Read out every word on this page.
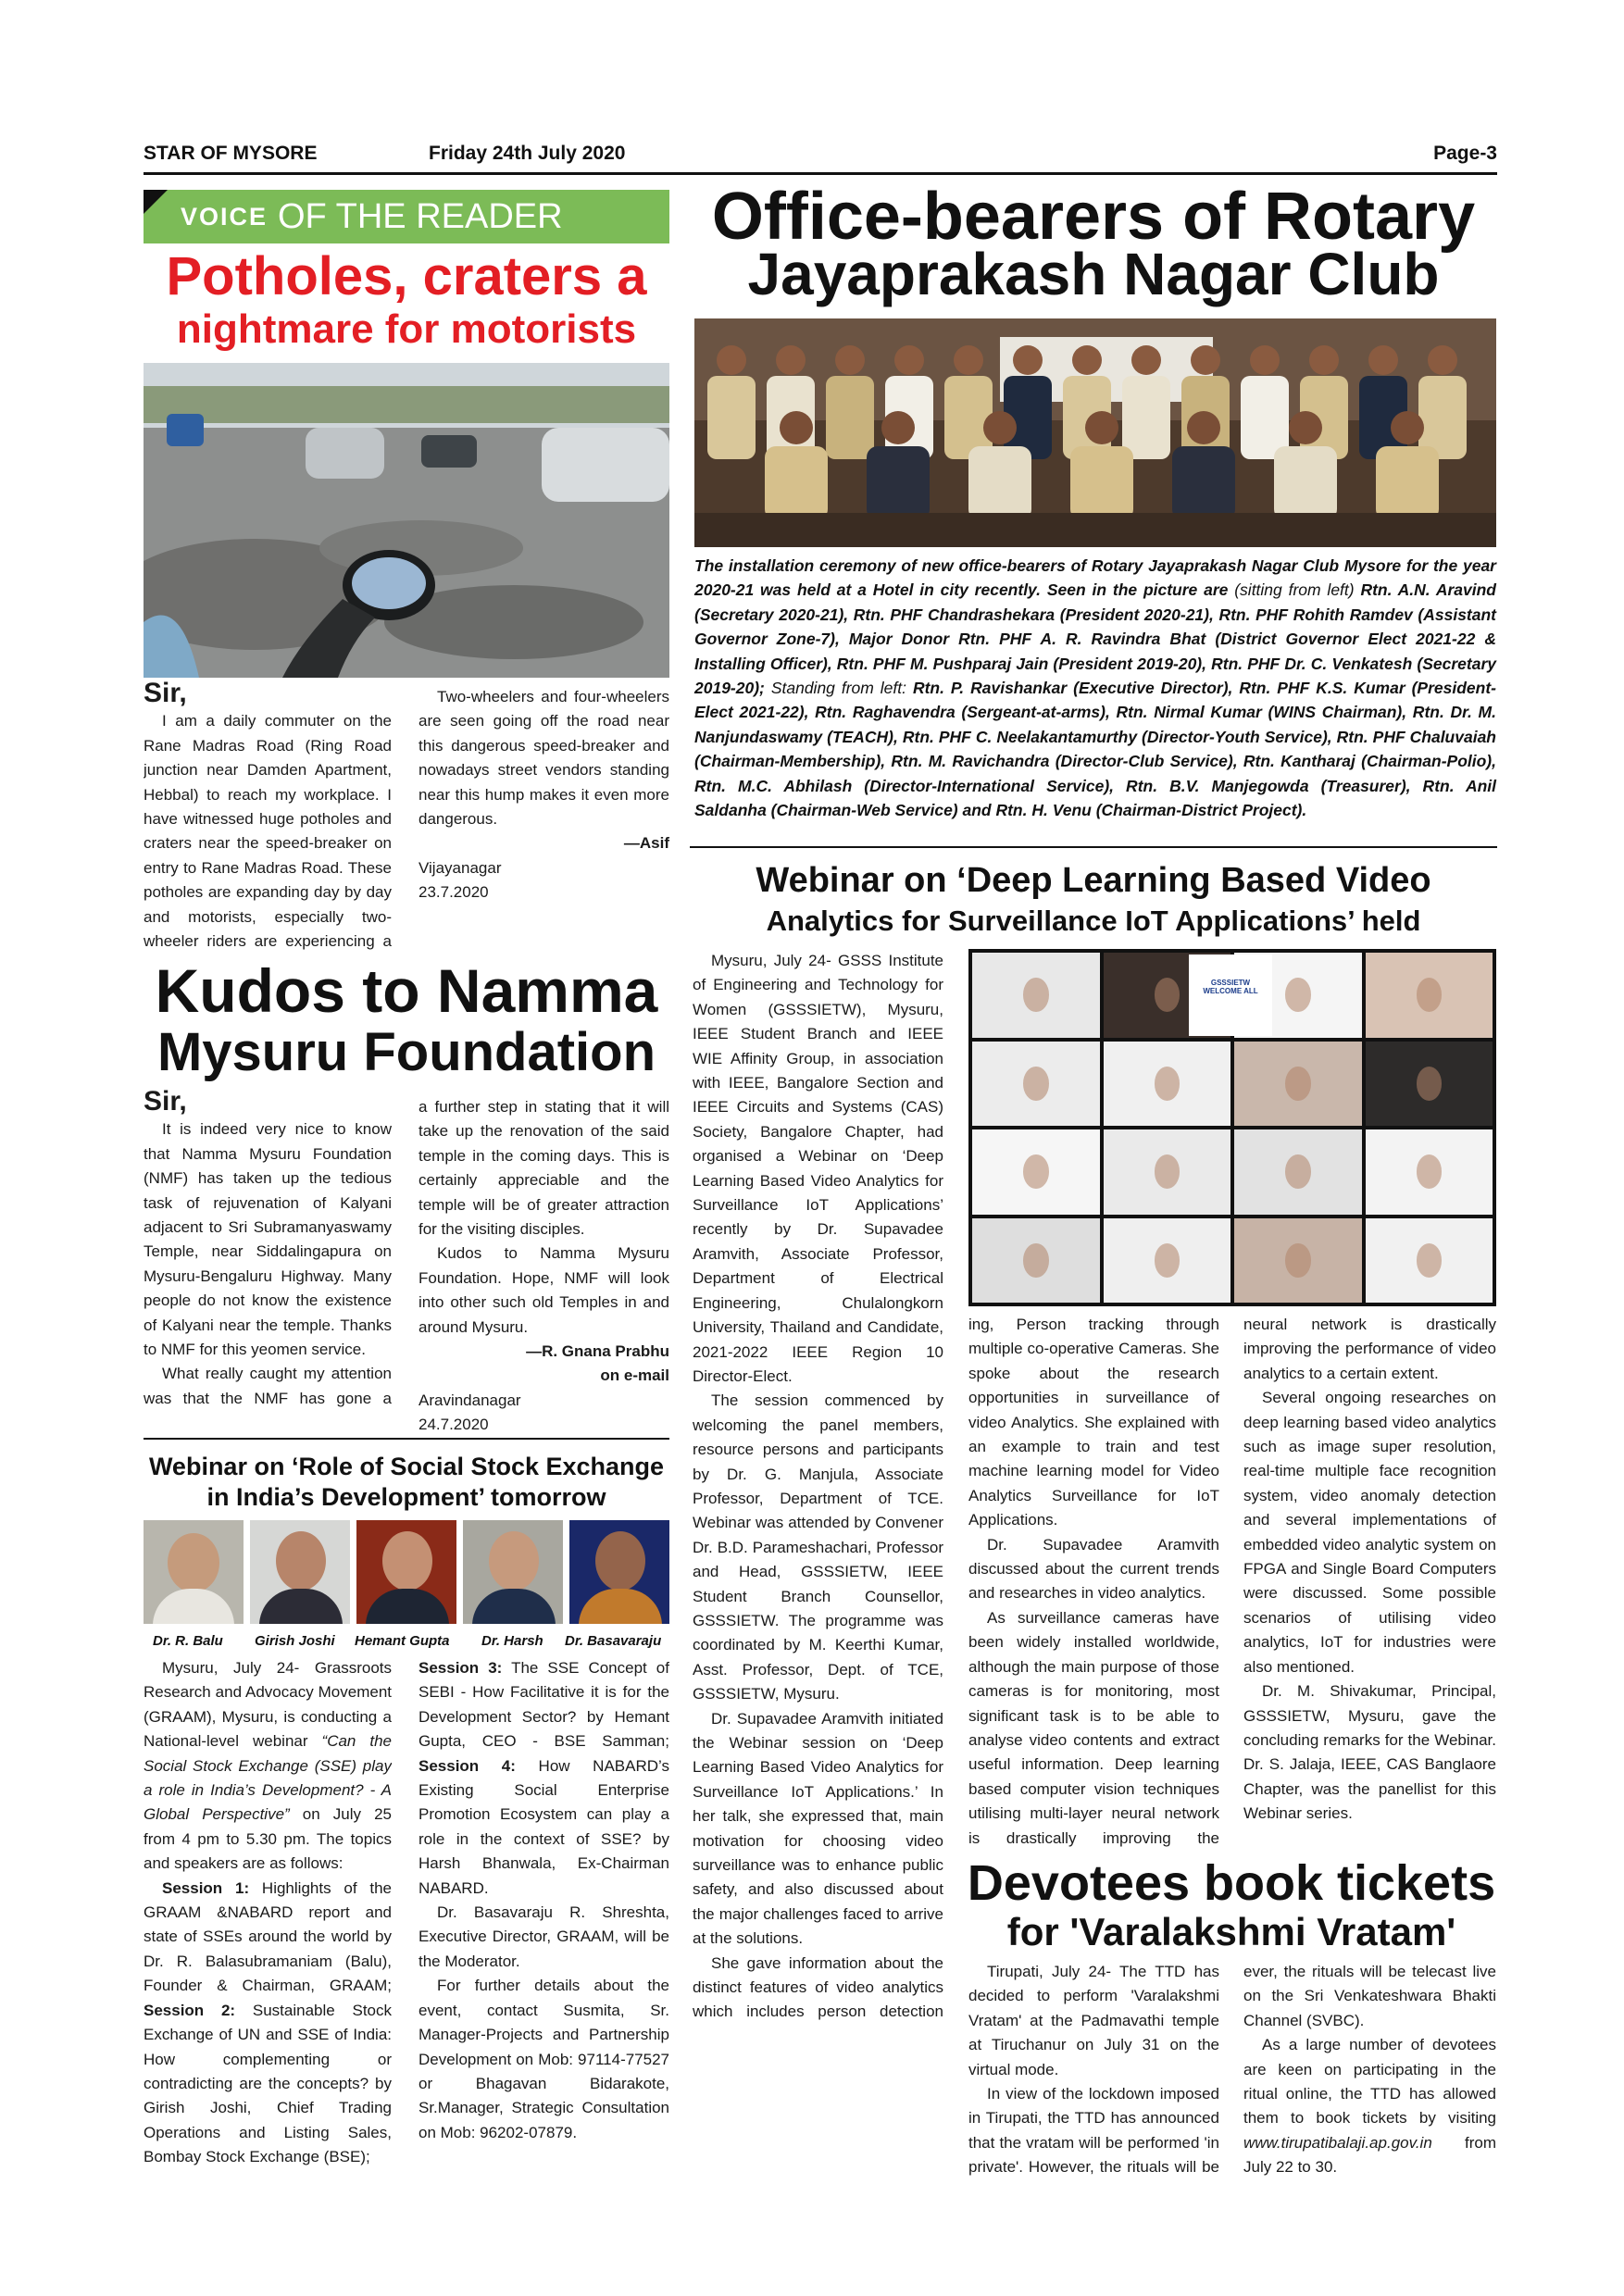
STAR OF MYSORE	Friday 24th July 2020	Page-3
VOICE OF THE READER
Potholes, craters a
nightmare for motorists
Sir,

I am a daily commuter on the Rane Madras Road (Ring Road junction near Damden Apartment, Hebbal) to reach my workplace. I have witnessed huge potholes and craters near the speed-breaker on entry to Rane Madras Road. These potholes are expanding day by day and motorists, especially two-wheeler riders are experiencing a

Two-wheelers and four-wheelers are seen going off the road near this dangerous speed-breaker and nowadays street vendors standing near this hump makes it even more dangerous.

—Asif
Vijayanagar
23.7.2020
Kudos to Namma
Mysuru Foundation
Sir,

It is indeed very nice to know that Namma Mysuru Foundation (NMF) has taken up the tedious task of rejuvenation of Kalyani adjacent to Sri Subramanyaswamy Temple, near Siddalingapura on Mysuru-Bengaluru Highway. Many people do not know the existence of Kalyani near the temple. Thanks to NMF for this yeomen service.

What really caught my attention was that the NMF has gone a

a further step in stating that it will take up the renovation of the said temple in the coming days. This is certainly appreciable and the temple will be of greater attraction for the visiting disciples.

Kudos to Namma Mysuru Foundation. Hope, NMF will look into other such old Temples in and around Mysuru.

—R. Gnana Prabhu
on e-mail
Aravindanagar
24.7.2020
Webinar on ‘Role of Social Stock Exchange
in India’s Development’ tomorrow
Dr. R. Balu Girish Joshi Hemant Gupta Dr. Harsh Dr. Basavaraju

Mysuru, July 24- Grassroots Research and Advocacy Movement (GRAAM), Mysuru, is conducting a National-level webinar “Can the Social Stock Exchange (SSE) play a role in India’s Development? - A Global Perspective” on July 25 from 4 pm to 5.30 pm. The topics and speakers are as follows:

Session 1: Highlights of the GRAAM &NABARD report and state of SSEs around the world by Dr. R. Balasubramaniam (Balu), Founder & Chairman, GRAAM; Session 2: Sustainable Stock Exchange of UN and SSE of India: How complementing or contradicting are the concepts? by Girish Joshi, Chief Trading Operations and Listing Sales, Bombay Stock Exchange (BSE);

Session 3: The SSE Concept of SEBI - How Facilitative it is for the Development Sector? by Hemant Gupta, CEO - BSE Samman; Session 4: How NABARD’s Existing Social Enterprise Promotion Ecosystem can play a role in the context of SSE? by Harsh Bhanwala, Ex-Chairman NABARD.

Dr. Basavaraju R. Shreshta, Executive Director, GRAAM, will be the Moderator.

For further details about the event, contact Susmita, Sr. Manager-Projects and Partnership Development on Mob: 97114-77527 or Bhagavan Bidarakote, Sr.Manager, Strategic Consultation on Mob: 96202-07879.

Office-bearers of Rotary
Jayaprakash Nagar Club
The installation ceremony of new office-bearers of Rotary Jayaprakash Nagar Club Mysore for the year 2020-21 was held at a Hotel in city recently. Seen in the picture are (sitting from left) Rtn. A.N. Aravind (Secretary 2020-21), Rtn. PHF Chandrashekara (President 2020-21), Rtn. PHF Rohith Ramdev (Assistant Governor Zone-7), Major Donor Rtn. PHF A. R. Ravindra Bhat (District Governor Elect 2021-22 & Installing Officer), Rtn. PHF M. Pushparaj Jain (President 2019-20), Rtn. PHF Dr. C. Venkatesh (Secretary 2019-20); Standing from left: Rtn. P. Ravishankar (Executive Director), Rtn. PHF K.S. Kumar (President-Elect 2021-22), Rtn. Raghavendra (Sergeant-at-arms), Rtn. Nirmal Kumar (WINS Chairman), Rtn. Dr. M. Nanjundaswamy (TEACH), Rtn. PHF C. Neelakantamurthy (Director-Youth Service), Rtn. PHF Chaluvaiah (Chairman-Membership), Rtn. M. Ravichandra (Director-Club Service), Rtn. Kantharaj (Chairman-Polio), Rtn. M.C. Abhilash (Director-International Service), Rtn. B.V. Manjegowda (Treasurer), Rtn. Anil Saldanha (Chairman-Web Service) and Rtn. H. Venu (Chairman-District Project).
Webinar on ‘Deep Learning Based Video
Analytics for Surveillance IoT Applications’ held
GSSSIETW WELCOME ALL

Mysuru, July 24- GSSS Institute of Engineering and Technology for Women (GSSSIETW), Mysuru, IEEE Student Branch and IEEE WIE Affinity Group, in association with IEEE, Bangalore Section and IEEE Circuits and Systems (CAS) Society, Bangalore Chapter, had organised a Webinar on ‘Deep Learning Based Video Analytics for Surveillance IoT Applications’ recently by Dr. Supavadee Aramvith, Associate Professor, Department of Electrical Engineering, Chulalongkorn University, Thailand and Candidate, 2021-2022 IEEE Region 10 Director-Elect.

The session commenced by welcoming the panel members, resource persons and participants by Dr. G. Manjula, Associate Professor, Department of TCE. Webinar was attended by Convener Dr. B.D. Parameshachari, Professor and Head, GSSSIETW, IEEE Student Branch Counsellor, GSSSIETW. The programme was coordinated by M. Keerthi Kumar, Asst. Professor, Dept. of TCE, GSSSIETW, Mysuru.

Dr. Supavadee Aramvith initiated the Webinar session on ‘Deep Learning Based Video Analytics for Surveillance IoT Applications.’ In her talk, she expressed that, main motivation for choosing video surveillance was to enhance public safety, and also discussed about the major challenges faced to arrive at the solutions.

She gave information about the distinct features of video analytics which includes person detection

ing, Person tracking through multiple co-operative Cameras. She spoke about the research opportunities in surveillance of video Analytics. She explained with an example to train and test machine learning model for Video Analytics Surveillance for IoT Applications.

Dr. Supavadee Aramvith discussed about the current trends and researches in video analytics.

As surveillance cameras have been widely installed worldwide, although the main purpose of those cameras is for monitoring, most significant task is to be able to analyse video contents and extract useful information. Deep learning based computer vision techniques utilising multi-layer neural network is drastically improving the

neural network is drastically improving the performance of video analytics to a certain extent.

Several ongoing researches on deep learning based video analytics such as image super resolution, real-time multiple face recognition system, video anomaly detection and several implementations of embedded video analytic system on FPGA and Single Board Computers were discussed. Some possible scenarios of utilising video analytics, IoT for industries were also mentioned.

Dr. M. Shivakumar, Principal, GSSSIETW, Mysuru, gave the concluding remarks for the Webinar. Dr. S. Jalaja, IEEE, CAS Banglaore Chapter, was the panellist for this Webinar series.

Devotees book tickets
for 'Varalakshmi Vratam'

Tirupati, July 24- The TTD has decided to perform 'Varalakshmi Vratam' at the Padmavathi temple at Tiruchanur on July 31 on the virtual mode.

In view of the lockdown imposed in Tirupati, the TTD has announced that the vratam will be performed 'in private'. However, the rituals will be

ever, the rituals will be telecast live on the Sri Venkateshwara Bhakti Channel (SVBC).

As a large number of devotees are keen on participating in the ritual online, the TTD has allowed them to book tickets by visiting www.tirupatibalaji.ap.gov.in from July 22 to 30.
